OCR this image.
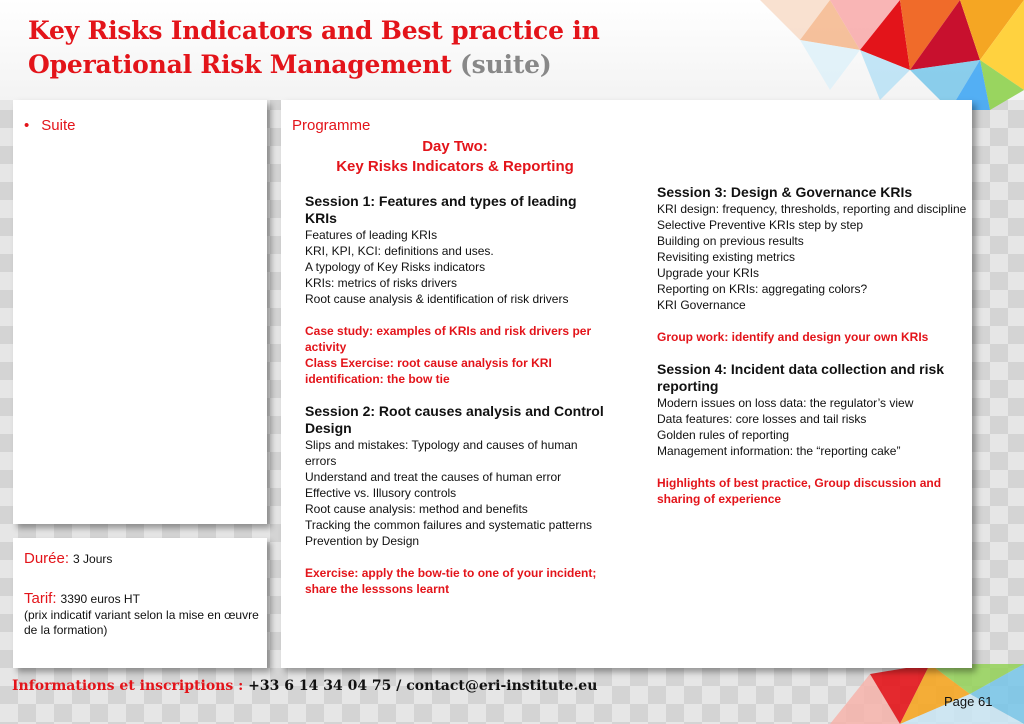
Key Risks Indicators and Best practice in
Operational Risk Management (suite)
• Suite
Durée: 3 Jours
Tarif: 3390 euros HT
(prix indicatif variant selon la mise en œuvre de la formation)
Programme
Day Two:
Key Risks Indicators & Reporting
Session 1: Features and types of leading KRIs
Features of leading KRIs
KRI, KPI, KCI: definitions and uses.
A typology of Key Risks indicators
KRIs: metrics of risks drivers
Root cause analysis & identification of risk drivers
Case study: examples of KRIs and risk drivers per activity
Class Exercise: root cause analysis for KRI identification: the bow tie
Session 2: Root causes analysis and Control Design
Slips and mistakes: Typology and causes of human errors
Understand and treat the causes of human error
Effective vs. Illusory controls
Root cause analysis: method and benefits
Tracking the common failures and systematic patterns
Prevention by Design
Exercise: apply the bow-tie to one of your incident; share the lesssons learnt
Session 3: Design & Governance KRIs
KRI design: frequency, thresholds, reporting and discipline
Selective Preventive KRIs step by step
Building on previous results
Revisiting existing metrics
Upgrade your KRIs
Reporting on KRIs: aggregating colors?
KRI Governance
Group work: identify and design your own KRIs
Session 4: Incident data collection and risk reporting
Modern issues on loss data: the regulator’s view
Data features: core losses and tail risks
Golden rules of reporting
Management information: the “reporting cake”
Highlights of best practice, Group discussion and sharing of experience
Informations et inscriptions : +33 6 14 34 04 75 / contact@eri-institute.eu
Page 61
